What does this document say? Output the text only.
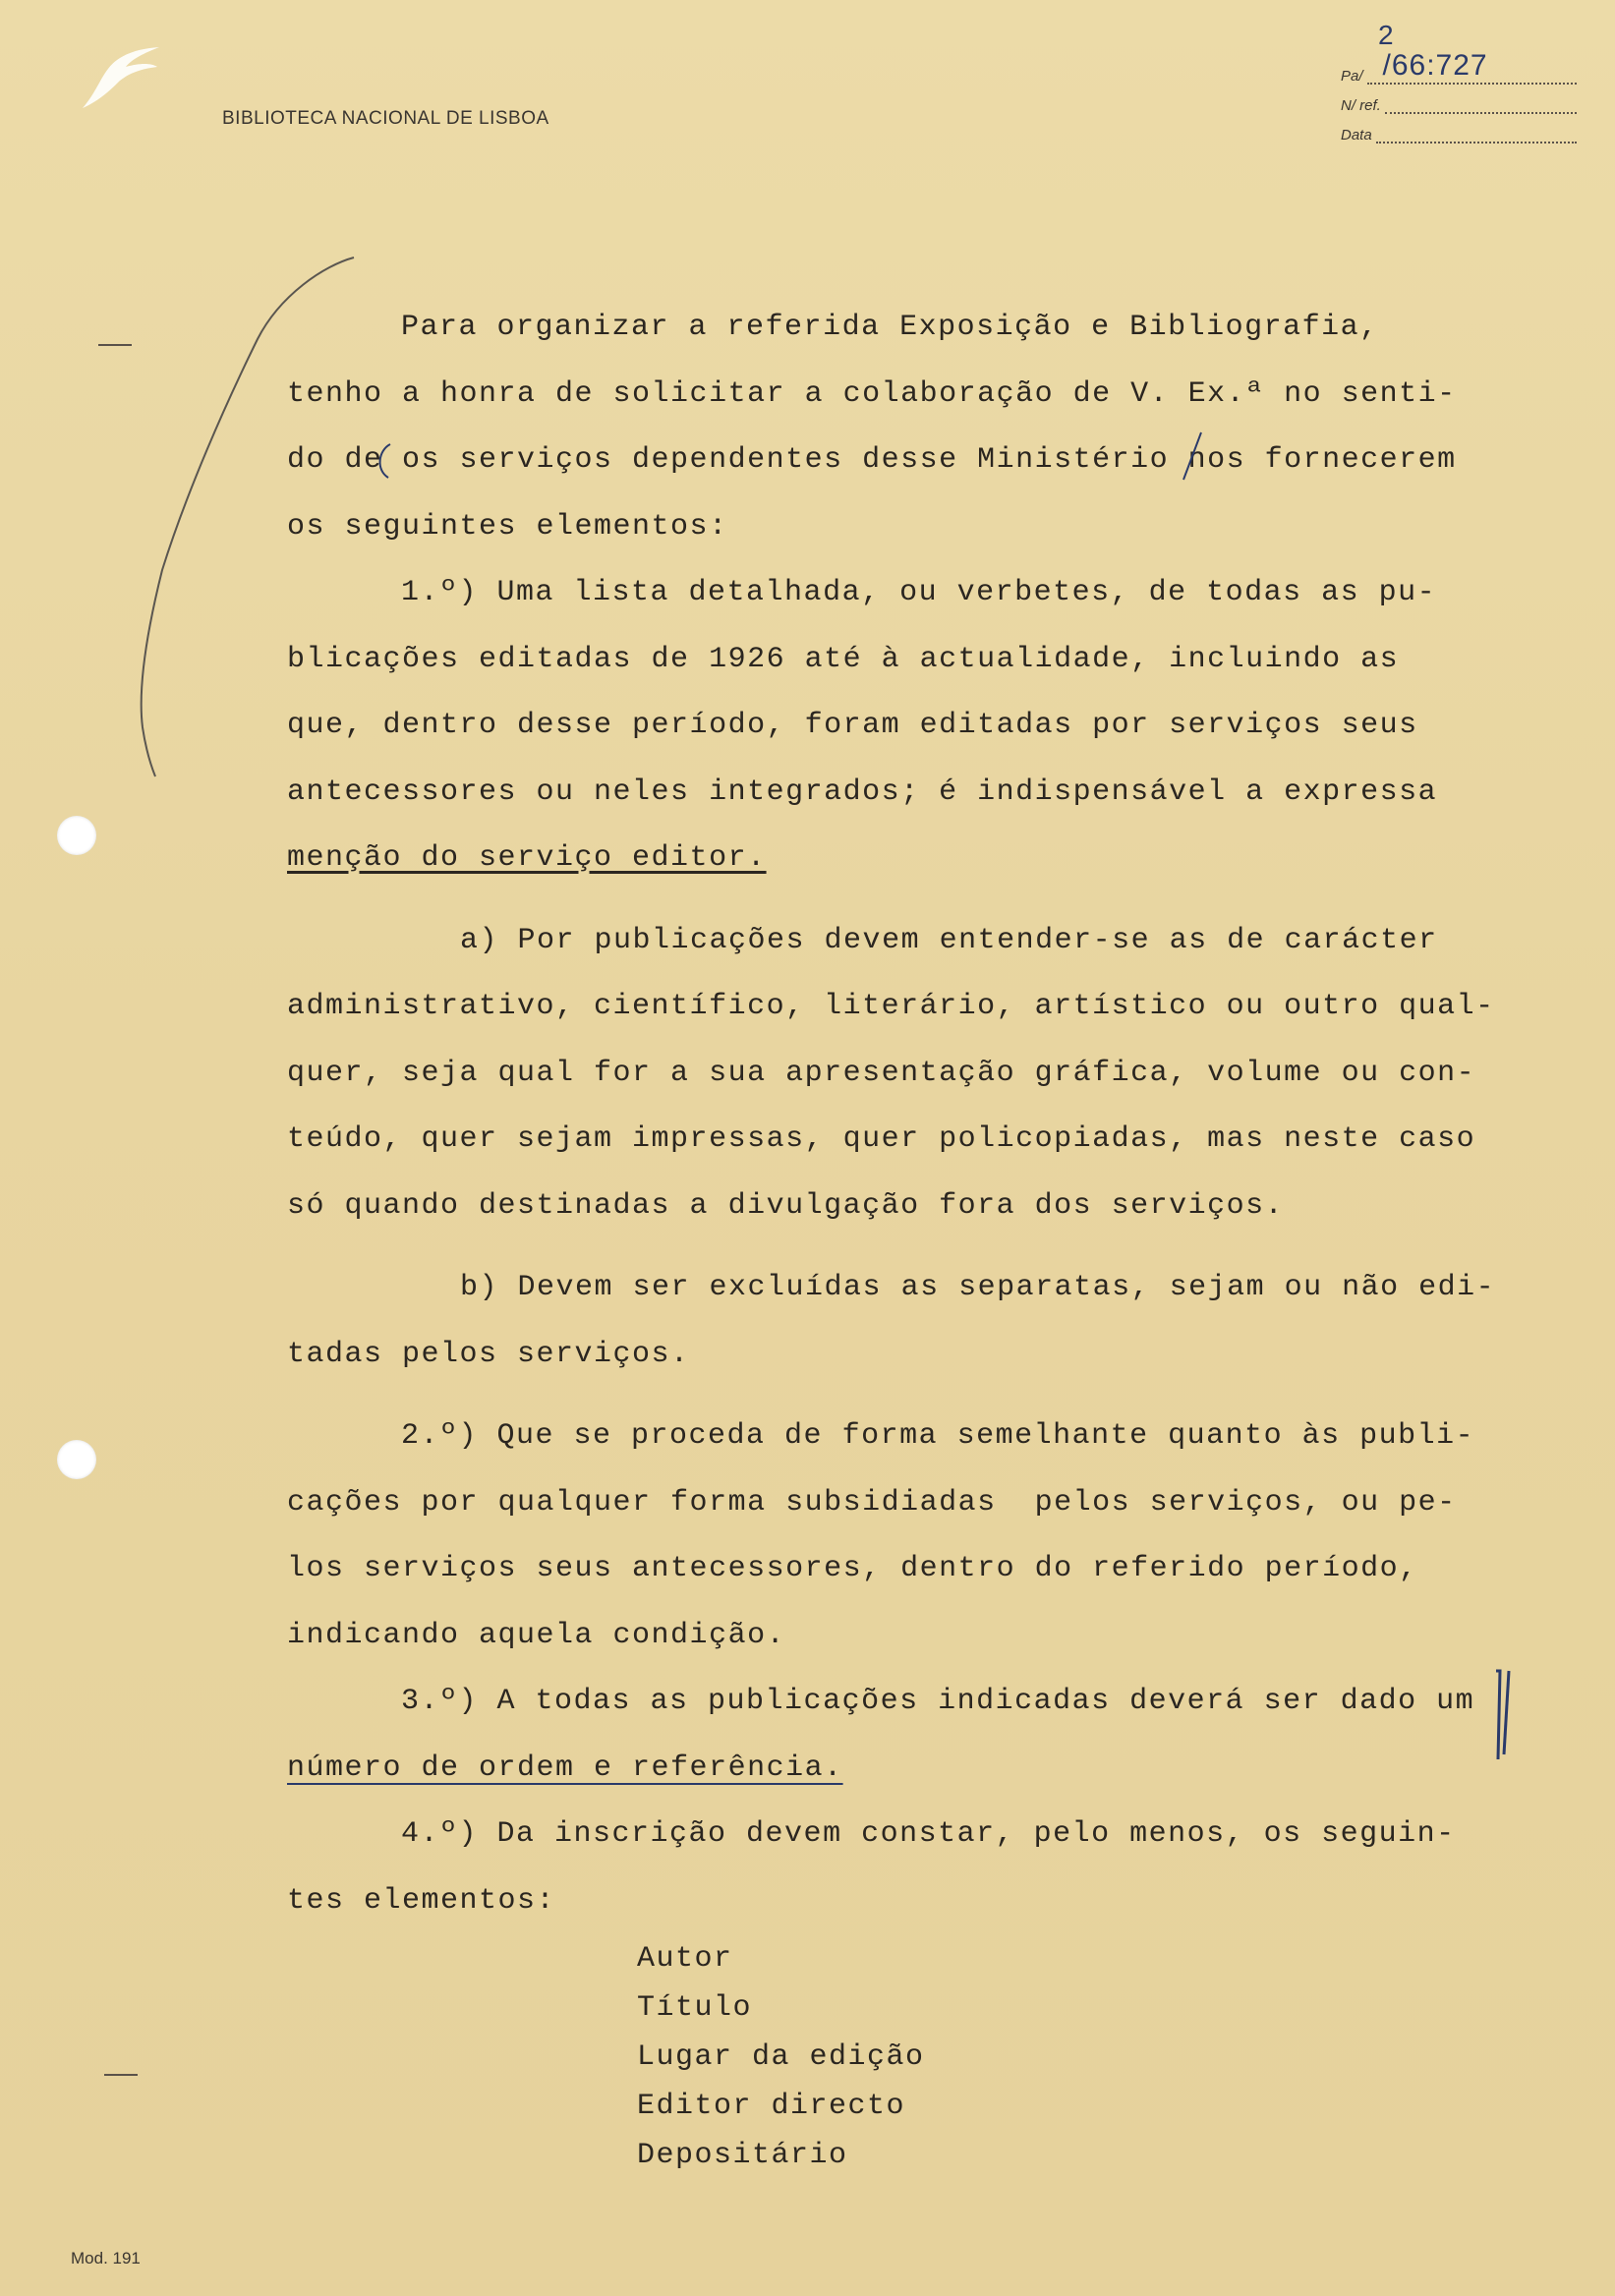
BIBLIOTECA NACIONAL DE LISBOA
2
Pa/ /66:727
N/ ref.
Data
Para organizar a referida Exposição e Bibliografia,
tenho a honra de solicitar a colaboração de V. Ex.ª no senti-
do de os serviços dependentes desse Ministério nos fornecerem
os seguintes elementos:
1.º) Uma lista detalhada, ou verbetes, de todas as pu-
blicações editadas de 1926 até à actualidade, incluindo as
que, dentro desse período, foram editadas por serviços seus
antecessores ou neles integrados; é indispensável a expressa
menção do serviço editor.
a) Por publicações devem entender-se as de carácter
administrativo, científico, literário, artístico ou outro qual-
quer, seja qual for a sua apresentação gráfica, volume ou con-
teúdo, quer sejam impressas, quer policopiadas, mas neste caso
só quando destinadas a divulgação fora dos serviços.
b) Devem ser excluídas as separatas, sejam ou não edi-
tadas pelos serviços.
2.º) Que se proceda de forma semelhante quanto às publi-
cações por qualquer forma subsidiadas  pelos serviços, ou pe-
los serviços seus antecessores, dentro do referido período,
indicando aquela condição.
3.º) A todas as publicações indicadas deverá ser dado um
número de ordem e referência.
4.º) Da inscrição devem constar, pelo menos, os seguin-
tes elementos:
Autor
Título
Lugar da edição
Editor directo
Depositário
Mod. 191
